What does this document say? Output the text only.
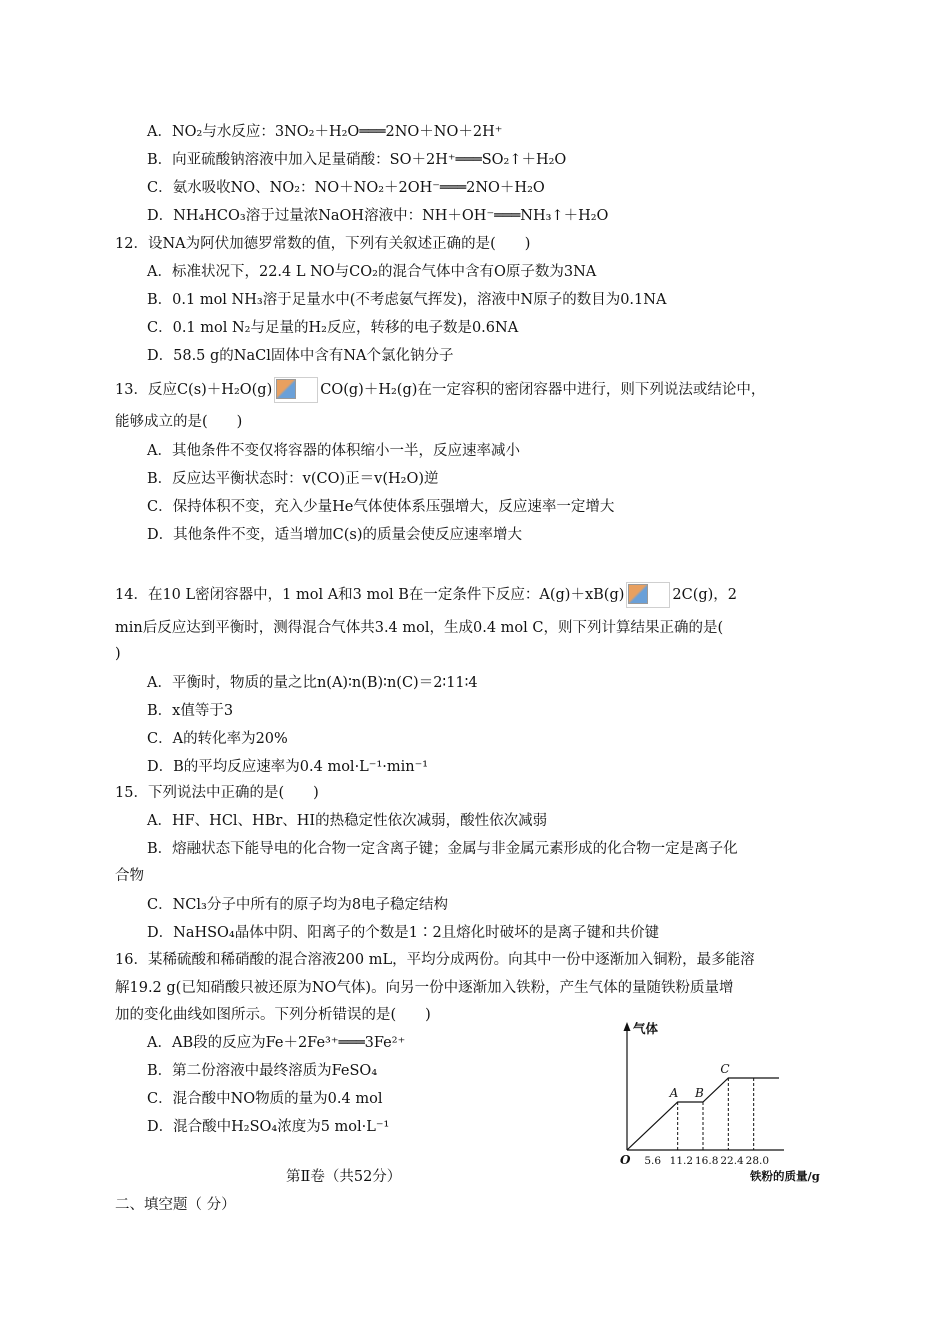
A．NO₂与水反应：3NO₂＋H₂O═══2NO＋NO＋2H⁺
B．向亚硫酸钠溶液中加入足量硝酸：SO＋2H⁺═══SO₂↑＋H₂O
C．氨水吸收NO、NO₂：NO＋NO₂＋2OH⁻═══2NO＋H₂O
D．NH₄HCO₃溶于过量浓NaOH溶液中：NH＋OH⁻═══NH₃↑＋H₂O
12．设NA为阿伏加德罗常数的值，下列有关叙述正确的是(　　)
A．标准状况下，22.4 L NO与CO₂的混合气体中含有O原子数为3NA
B．0.1 mol NH₃溶于足量水中(不考虑氨气挥发)，溶液中N原子的数目为0.1NA
C．0.1 mol N₂与足量的H₂反应，转移的电子数是0.6NA
D．58.5 g的NaCl固体中含有NA个氯化钠分子
13．反应C(s)＋H₂O(g)	CO(g)＋H₂(g)在一定容积的密闭容器中进行，则下列说法或结论中，
能够成立的是(　　)
A．其他条件不变仅将容器的体积缩小一半，反应速率减小
B．反应达平衡状态时：v(CO)正＝v(H₂O)逆
C．保持体积不变，充入少量He气体使体系压强增大，反应速率一定增大
D．其他条件不变，适当增加C(s)的质量会使反应速率增大
14．在10 L密闭容器中，1 mol A和3 mol B在一定条件下反应：A(g)＋xB(g)	2C(g)，2
min后反应达到平衡时，测得混合气体共3.4 mol，生成0.4 mol C，则下列计算结果正确的是(
)
A．平衡时，物质的量之比n(A)∶n(B)∶n(C)＝2∶11∶4
B．x值等于3
C．A的转化率为20%
D．B的平均反应速率为0.4 mol·L⁻¹·min⁻¹
15．下列说法中正确的是(　　)
A．HF、HCl、HBr、HI的热稳定性依次减弱，酸性依次减弱
B．熔融状态下能导电的化合物一定含离子键；金属与非金属元素形成的化合物一定是离子化
合物
C．NCl₃分子中所有的原子均为8电子稳定结构
D．NaHSO₄晶体中阴、阳离子的个数是1∶2且熔化时破坏的是离子键和共价键
16．某稀硫酸和稀硝酸的混合溶液200 mL，平均分成两份。向其中一份中逐渐加入铜粉，最多能溶
解19.2 g(已知硝酸只被还原为NO气体)。向另一份中逐渐加入铁粉，产生气体的量随铁粉质量增
加的变化曲线如图所示。下列分析错误的是(　　)
A．AB段的反应为Fe＋2Fe³⁺═══3Fe²⁺
B．第二份溶液中最终溶质为FeSO₄
C．混合酸中NO物质的量为0.4 mol
D．混合酸中H₂SO₄浓度为5 mol·L⁻¹
气体
O
铁粉的质量/g
5.6 11.2 16.8 22.4 28.0
A B
C
第Ⅱ卷（共52分）
二、填空题（ 分）
